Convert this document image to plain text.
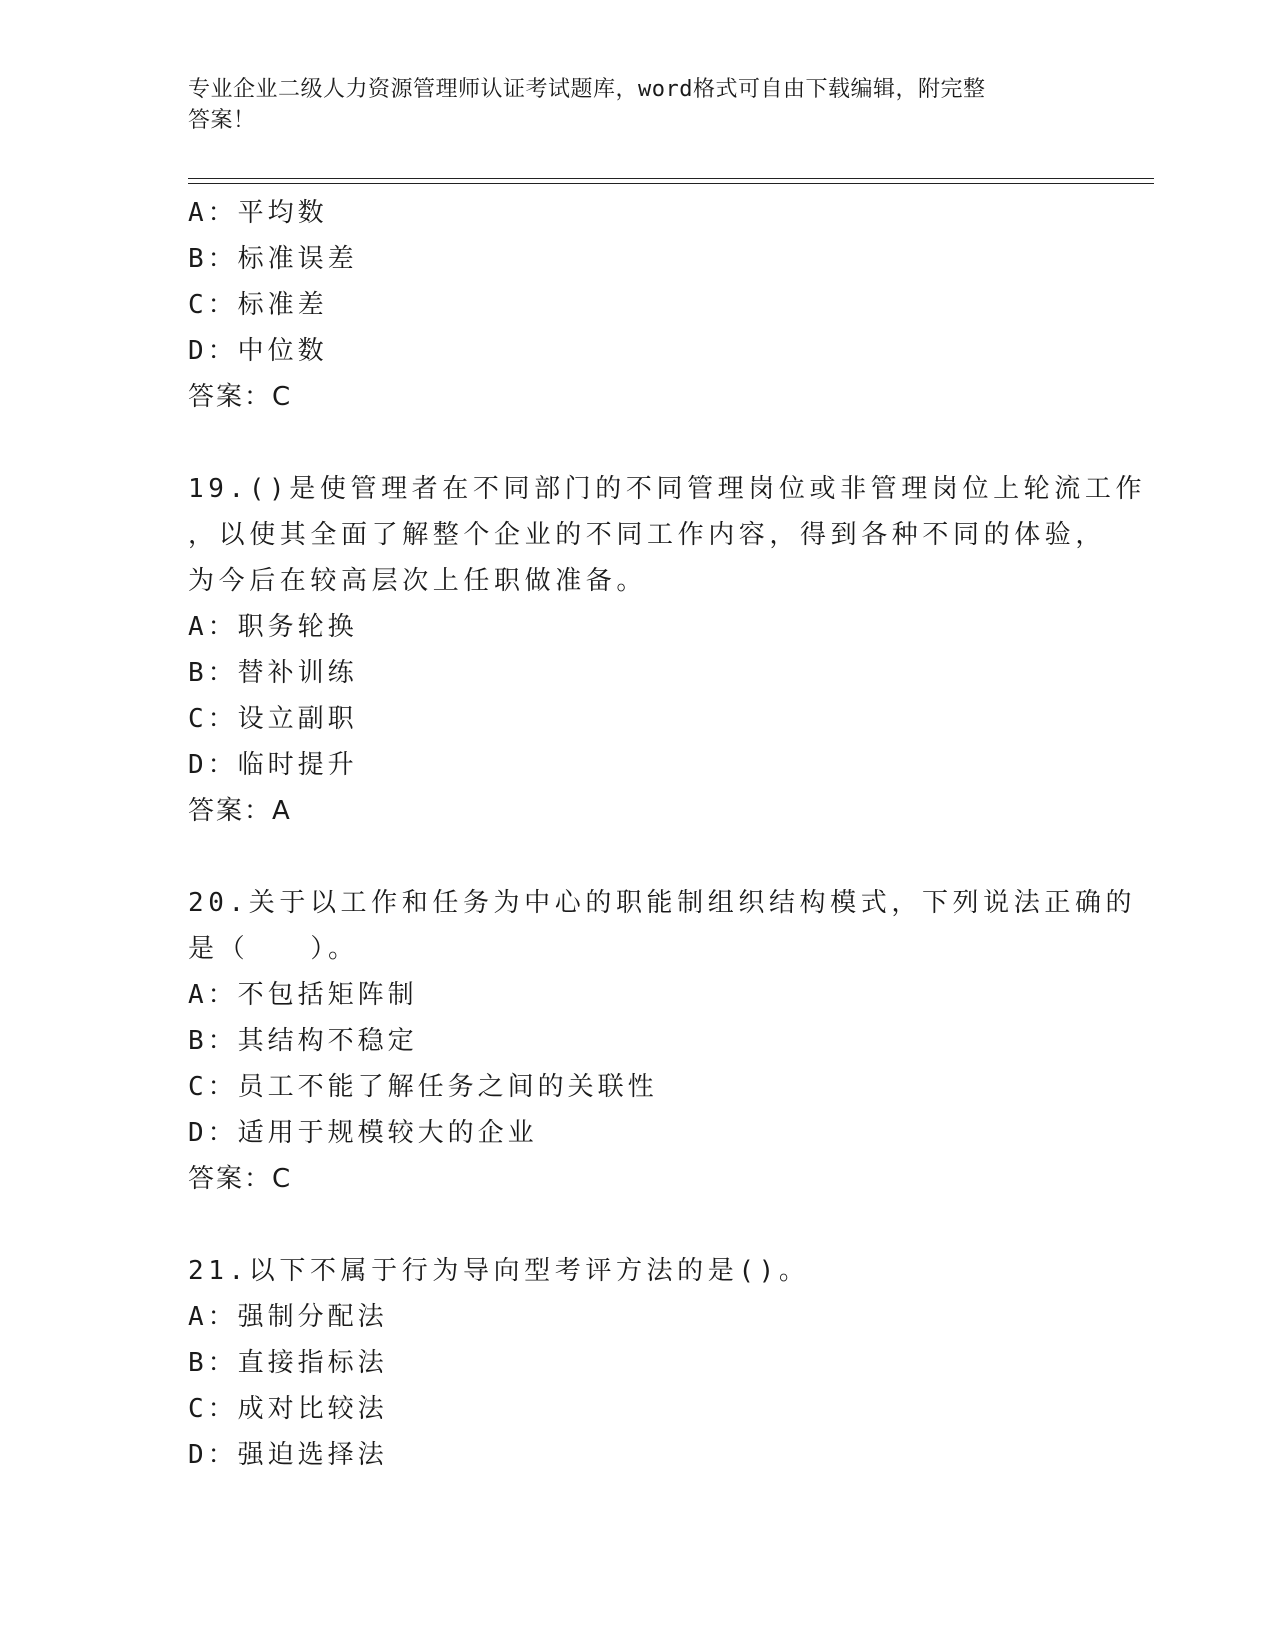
专业企业二级人力资源管理师认证考试题库，word格式可自由下载编辑，附完整
答案！
A：平均数
B：标准误差
C：标准差
D：中位数
答案：C
19.()是使管理者在不同部门的不同管理岗位或非管理岗位上轮流工作
，以使其全面了解整个企业的不同工作内容，得到各种不同的体验，
为今后在较高层次上任职做准备。
A：职务轮换
B：替补训练
C：设立副职
D：临时提升
答案：A
20.关于以工作和任务为中心的职能制组织结构模式，下列说法正确的
是（　　）。
A：不包括矩阵制
B：其结构不稳定
C：员工不能了解任务之间的关联性
D：适用于规模较大的企业
答案：C
21.以下不属于行为导向型考评方法的是()。
A：强制分配法
B：直接指标法
C：成对比较法
D：强迫选择法
